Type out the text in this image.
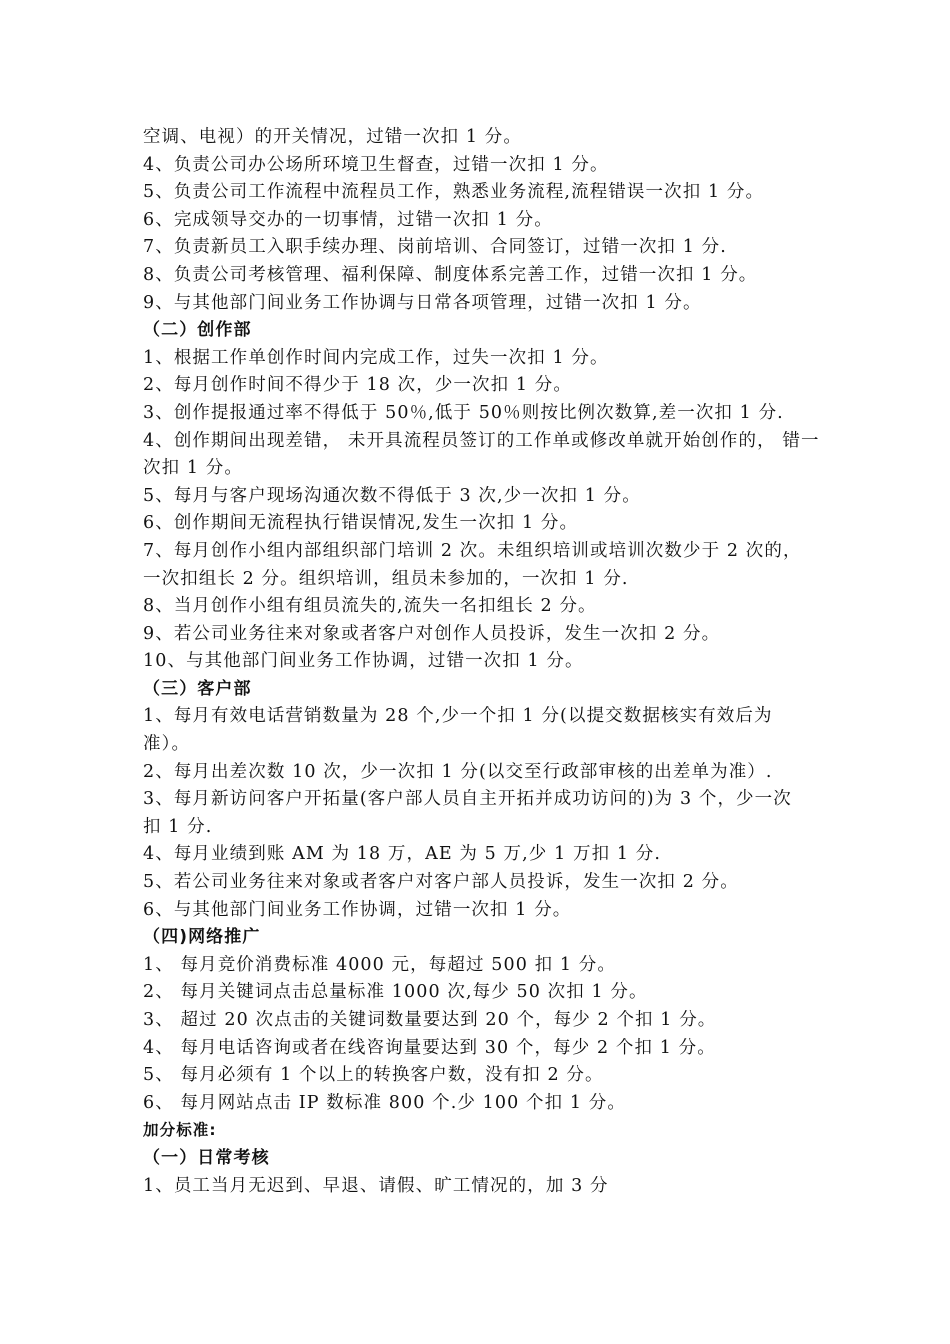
空调、电视）的开关情况，过错一次扣 1 分。
4、负责公司办公场所环境卫生督查，过错一次扣 1 分。
5、负责公司工作流程中流程员工作，熟悉业务流程,流程错误一次扣 1 分。
6、完成领导交办的一切事情，过错一次扣 1 分。
7、负责新员工入职手续办理、岗前培训、合同签订，过错一次扣 1 分.
8、负责公司考核管理、福利保障、制度体系完善工作，过错一次扣 1 分。
9、与其他部门间业务工作协调与日常各项管理，过错一次扣 1 分。
（二）创作部
1、根据工作单创作时间内完成工作，过失一次扣 1 分。
2、每月创作时间不得少于 18 次，少一次扣 1 分。
3、创作提报通过率不得低于 50％,低于 50％则按比例次数算,差一次扣 1 分.
4、创作期间出现差错， 未开具流程员签订的工作单或修改单就开始创作的， 错一
次扣 1 分。
5、每月与客户现场沟通次数不得低于 3 次,少一次扣 1 分。
6、创作期间无流程执行错误情况,发生一次扣 1 分。
7、每月创作小组内部组织部门培训 2 次。未组织培训或培训次数少于 2 次的，
一次扣组长 2 分。组织培训，组员未参加的，一次扣 1 分.
8、当月创作小组有组员流失的,流失一名扣组长 2 分。
9、若公司业务往来对象或者客户对创作人员投诉，发生一次扣 2 分。
10、与其他部门间业务工作协调，过错一次扣 1 分。
（三）客户部
1、每月有效电话营销数量为 28 个,少一个扣 1 分(以提交数据核实有效后为
准）。
2、每月出差次数 10 次，少一次扣 1 分(以交至行政部审核的出差单为准）.
3、每月新访问客户开拓量(客户部人员自主开拓并成功访问的)为 3 个，少一次
扣 1 分.
4、每月业绩到账 AM 为 18 万，AE 为 5 万,少 1 万扣 1 分.
5、若公司业务往来对象或者客户对客户部人员投诉，发生一次扣 2 分。
6、与其他部门间业务工作协调，过错一次扣 1 分。
（四)网络推广
1、 每月竞价消费标准 4000 元，每超过 500 扣 1 分。
2、 每月关键词点击总量标准 1000 次,每少 50 次扣 1 分。
3、 超过 20 次点击的关键词数量要达到 20 个，每少 2 个扣 1 分。
4、 每月电话咨询或者在线咨询量要达到 30 个，每少 2 个扣 1 分。
5、 每月必须有 1 个以上的转换客户数，没有扣 2 分。
6、 每月网站点击 IP 数标准 800 个.少 100 个扣 1 分。
加分标准:
（一）日常考核
1、员工当月无迟到、早退、请假、旷工情况的，加 3 分
